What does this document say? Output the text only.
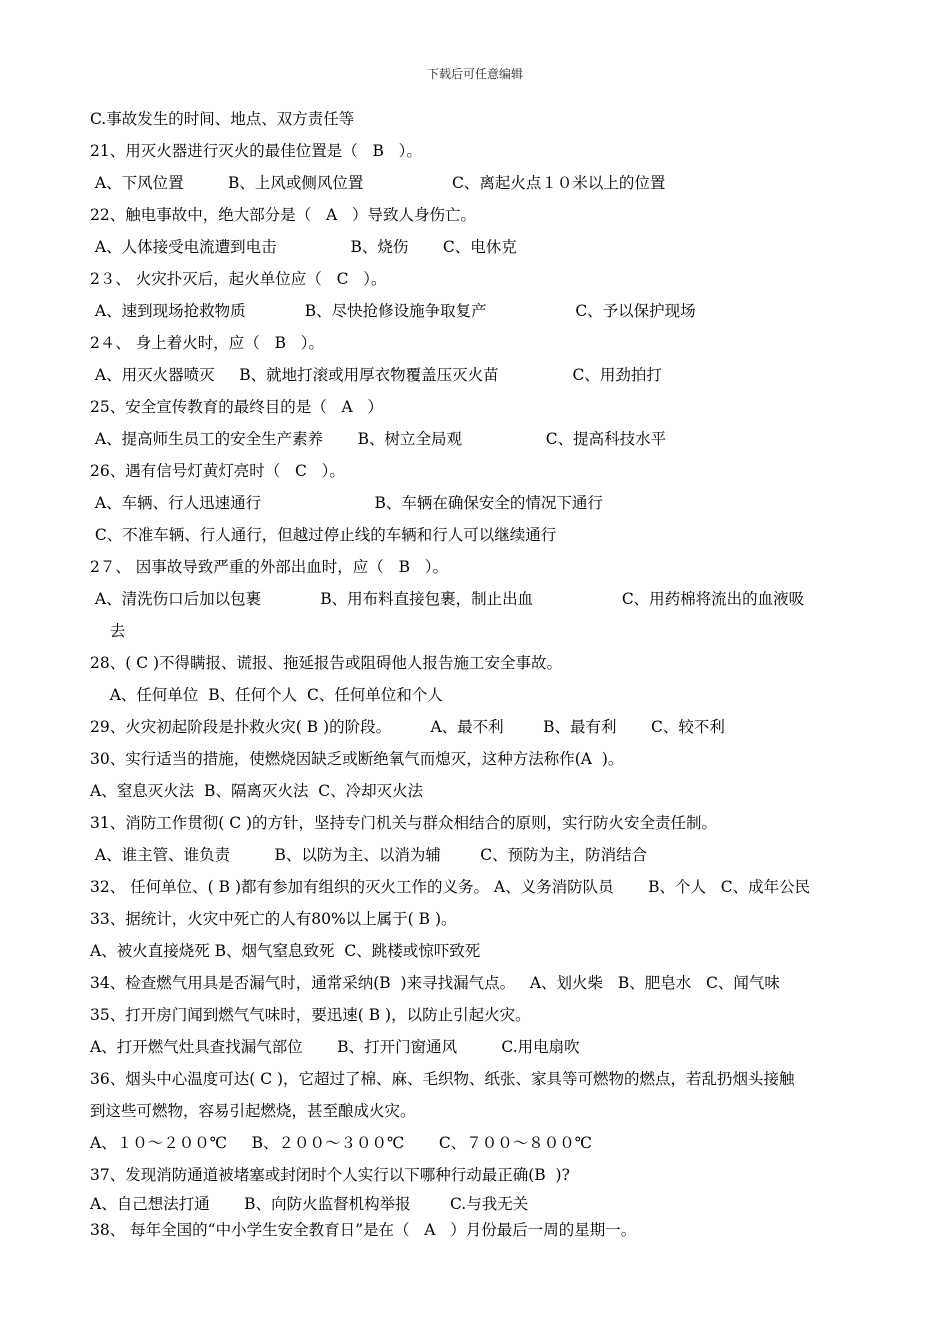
下载后可任意编辑
C.事故发生的时间、地点、双方责任等
21、用灭火器进行灭火的最佳位置是（   B   ）。
A、下风位置         B、上风或侧风位置                  C、离起火点１０米以上的位置
22、触电事故中，绝大部分是（   A   ）导致人身伤亡。
A、人体接受电流遭到电击               B、烧伤       C、电休克
2３、 火灾扑灭后，起火单位应（   C   ）。
A、速到现场抢救物质            B、尽快抢修设施争取复产                  C、予以保护现场
2４、 身上着火时，应（   B   ）。
A、用灭火器喷灭     B、就地打滚或用厚衣物覆盖压灭火苗               C、用劲拍打
25、安全宣传教育的最终目的是（   A   ）
A、提高师生员工的安全生产素养       B、树立全局观                 C、提高科技水平
26、遇有信号灯黄灯亮时（   C   ）。
A、车辆、行人迅速通行                       B、车辆在确保安全的情况下通行
C、不准车辆、行人通行，但越过停止线的车辆和行人可以继续通行
2７、 因事故导致严重的外部出血时，应（   B   ）。
A、清洗伤口后加以包裹            B、用布料直接包裹，制止出血                  C、用药棉将流出的血液吸
去
28、( C )不得瞒报、谎报、拖延报告或阻碍他人报告施工安全事故。
A、任何单位  B、任何个人  C、任何单位和个人
29、火灾初起阶段是扑救火灾( B )的阶段。        A、最不利        B、最有利       C、较不利
30、实行适当的措施，使燃烧因缺乏或断绝氧气而熄灭，这种方法称作(A  )。
A、窒息灭火法  B、隔离灭火法  C、冷却灭火法
31、消防工作贯彻( C )的方针，坚持专门机关与群众相结合的原则，实行防火安全责任制。
A、谁主管、谁负责         B、以防为主、以消为辅        C、预防为主，防消结合
32、 任何单位、( B )都有参加有组织的灭火工作的义务。 A、义务消防队员       B、个人   C、成年公民
33、据统计，火灾中死亡的人有80%以上属于( B )。
A、被火直接烧死 B、烟气窒息致死  C、跳楼或惊吓致死
34、检查燃气用具是否漏气时，通常采纳(B  )来寻找漏气点。   A、划火柴   B、肥皂水   C、闻气味
35、打开房门闻到燃气气味时，要迅速( B )，以防止引起火灾。
A、打开燃气灶具查找漏气部位       B、打开门窗通风         C.用电扇吹
36、烟头中心温度可达( C )，它超过了棉、麻、毛织物、纸张、家具等可燃物的燃点，若乱扔烟头接触
到这些可燃物，容易引起燃烧，甚至酿成火灾。
A、１０～２００℃     B、２００～３００℃       C、７００～８００℃
37、发现消防通道被堵塞或封闭时个人实行以下哪种行动最正确(B  )?
A、自己想法打通       B、向防火监督机构举报        C.与我无关
38、 每年全国的“中小学生安全教育日”是在（   A   ）月份最后一周的星期一。
